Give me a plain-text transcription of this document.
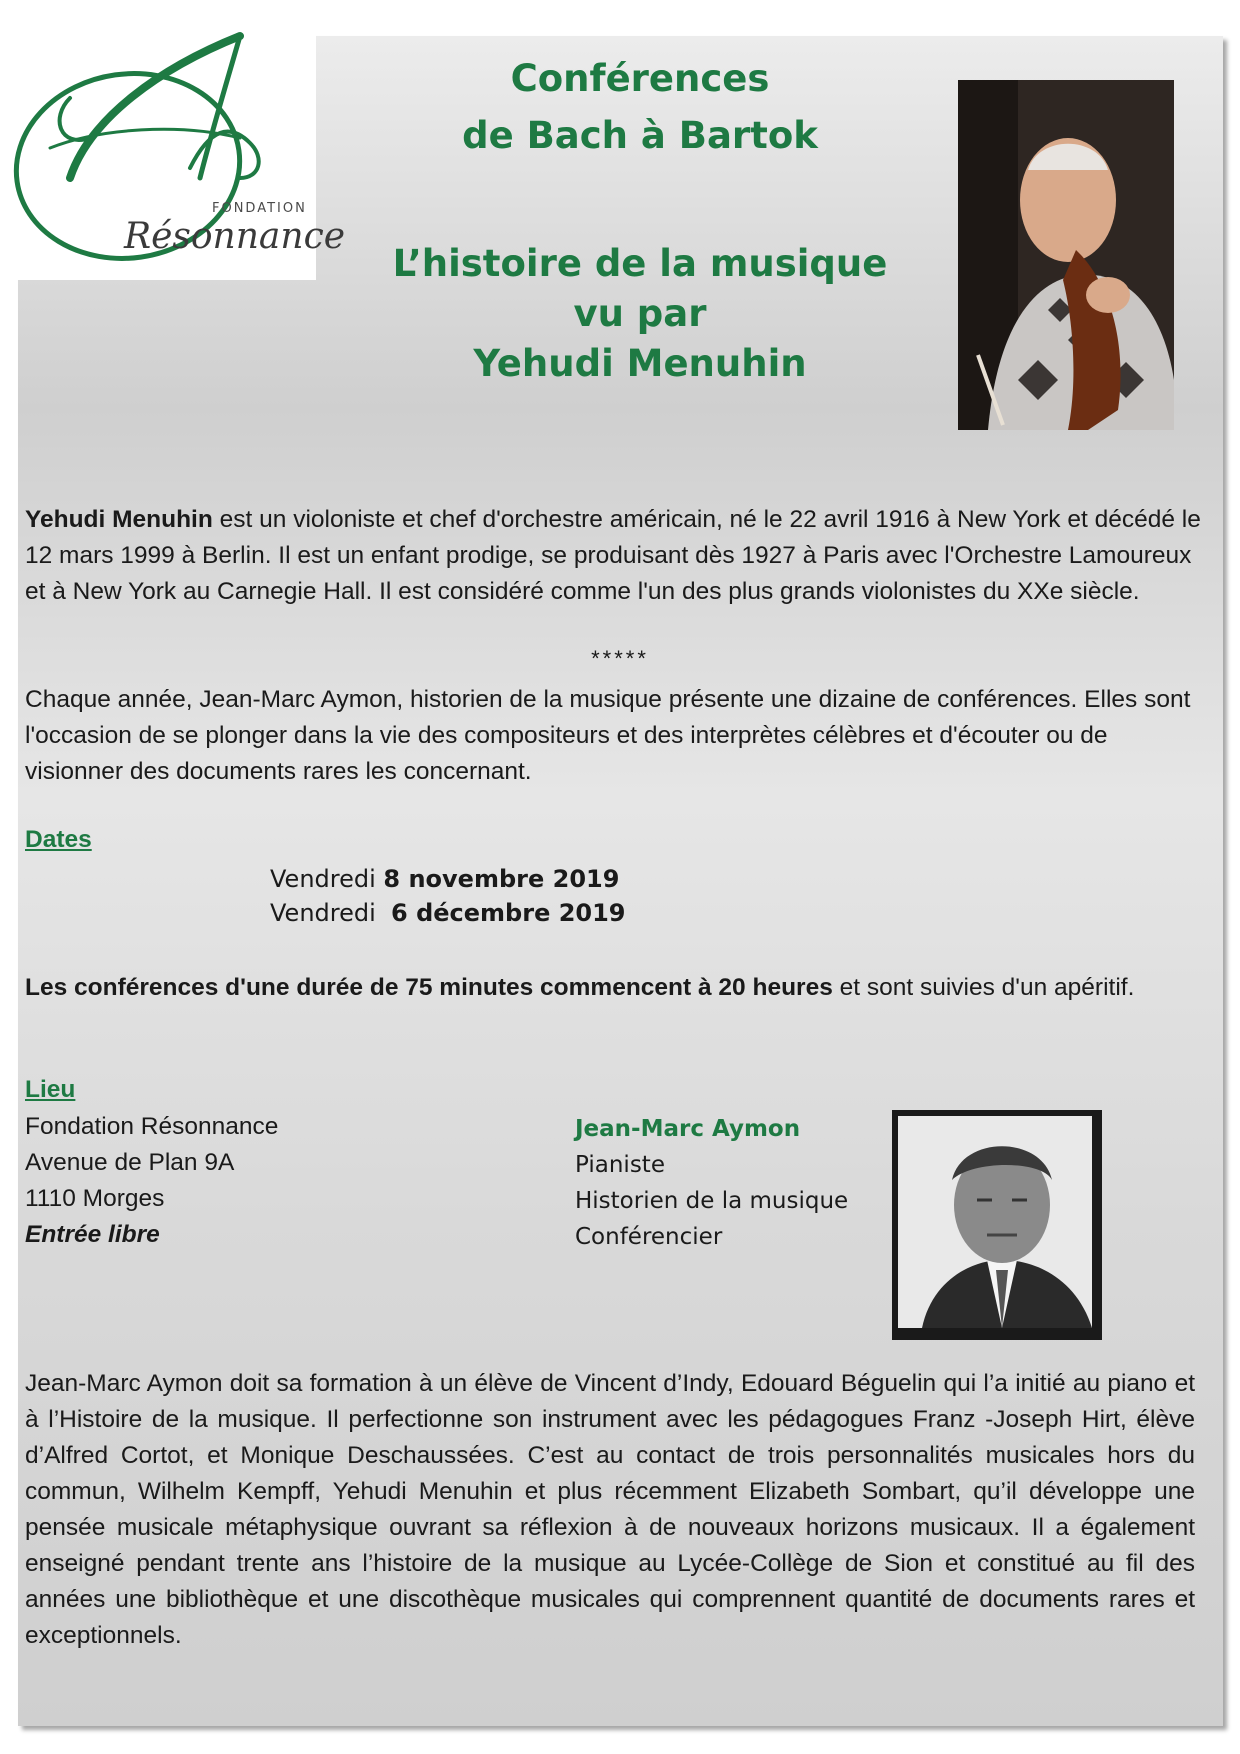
FONDATION
Résonnance

Conférences

de Bach à Bartok

L’histoire de la musique

vu par

Yehudi Menuhin

Yehudi Menuhin est un violoniste et chef d'orchestre américain, né le 22 avril 1916 à New York et décédé le 12 mars 1999 à Berlin. Il est un enfant prodige, se produisant dès 1927 à Paris avec l'Orchestre Lamoureux et à New York au Carnegie Hall. Il est considéré comme l'un des plus grands violonistes du XXe siècle.

*****

Chaque année, Jean-Marc Aymon, historien de la musique présente une dizaine de conférences. Elles sont l'occasion de se plonger dans la vie des compositeurs et des interprètes célèbres et d'écouter ou de visionner des documents rares les concernant.

Dates

Vendredi 8 novembre 2019

Vendredi  6 décembre 2019

Les conférences d'une durée de 75 minutes commencent à 20 heures et sont suivies d'un apéritif.

Lieu

Fondation Résonnance

Avenue de Plan 9A

1110 Morges

Entrée libre

Jean-Marc Aymon

Pianiste

Historien de la musique

Conférencier

Jean-Marc Aymon doit sa formation à un élève de Vincent d’Indy, Edouard Béguelin qui l’a initié au piano et à l’Histoire de la musique. Il perfectionne son instrument avec les pédagogues Franz -Joseph Hirt, élève d’Alfred Cortot, et Monique Deschaussées. C’est au contact de trois personnalités musicales hors du commun, Wilhelm Kempff, Yehudi Menuhin et plus récemment Elizabeth Sombart, qu’il développe une pensée musicale métaphysique ouvrant sa réflexion à de nouveaux horizons musicaux. Il a également enseigné pendant trente ans l’histoire de la musique au Lycée-Collège de Sion et constitué au fil des années une bibliothèque et une discothèque musicales qui comprennent quantité de documents rares et exceptionnels.
